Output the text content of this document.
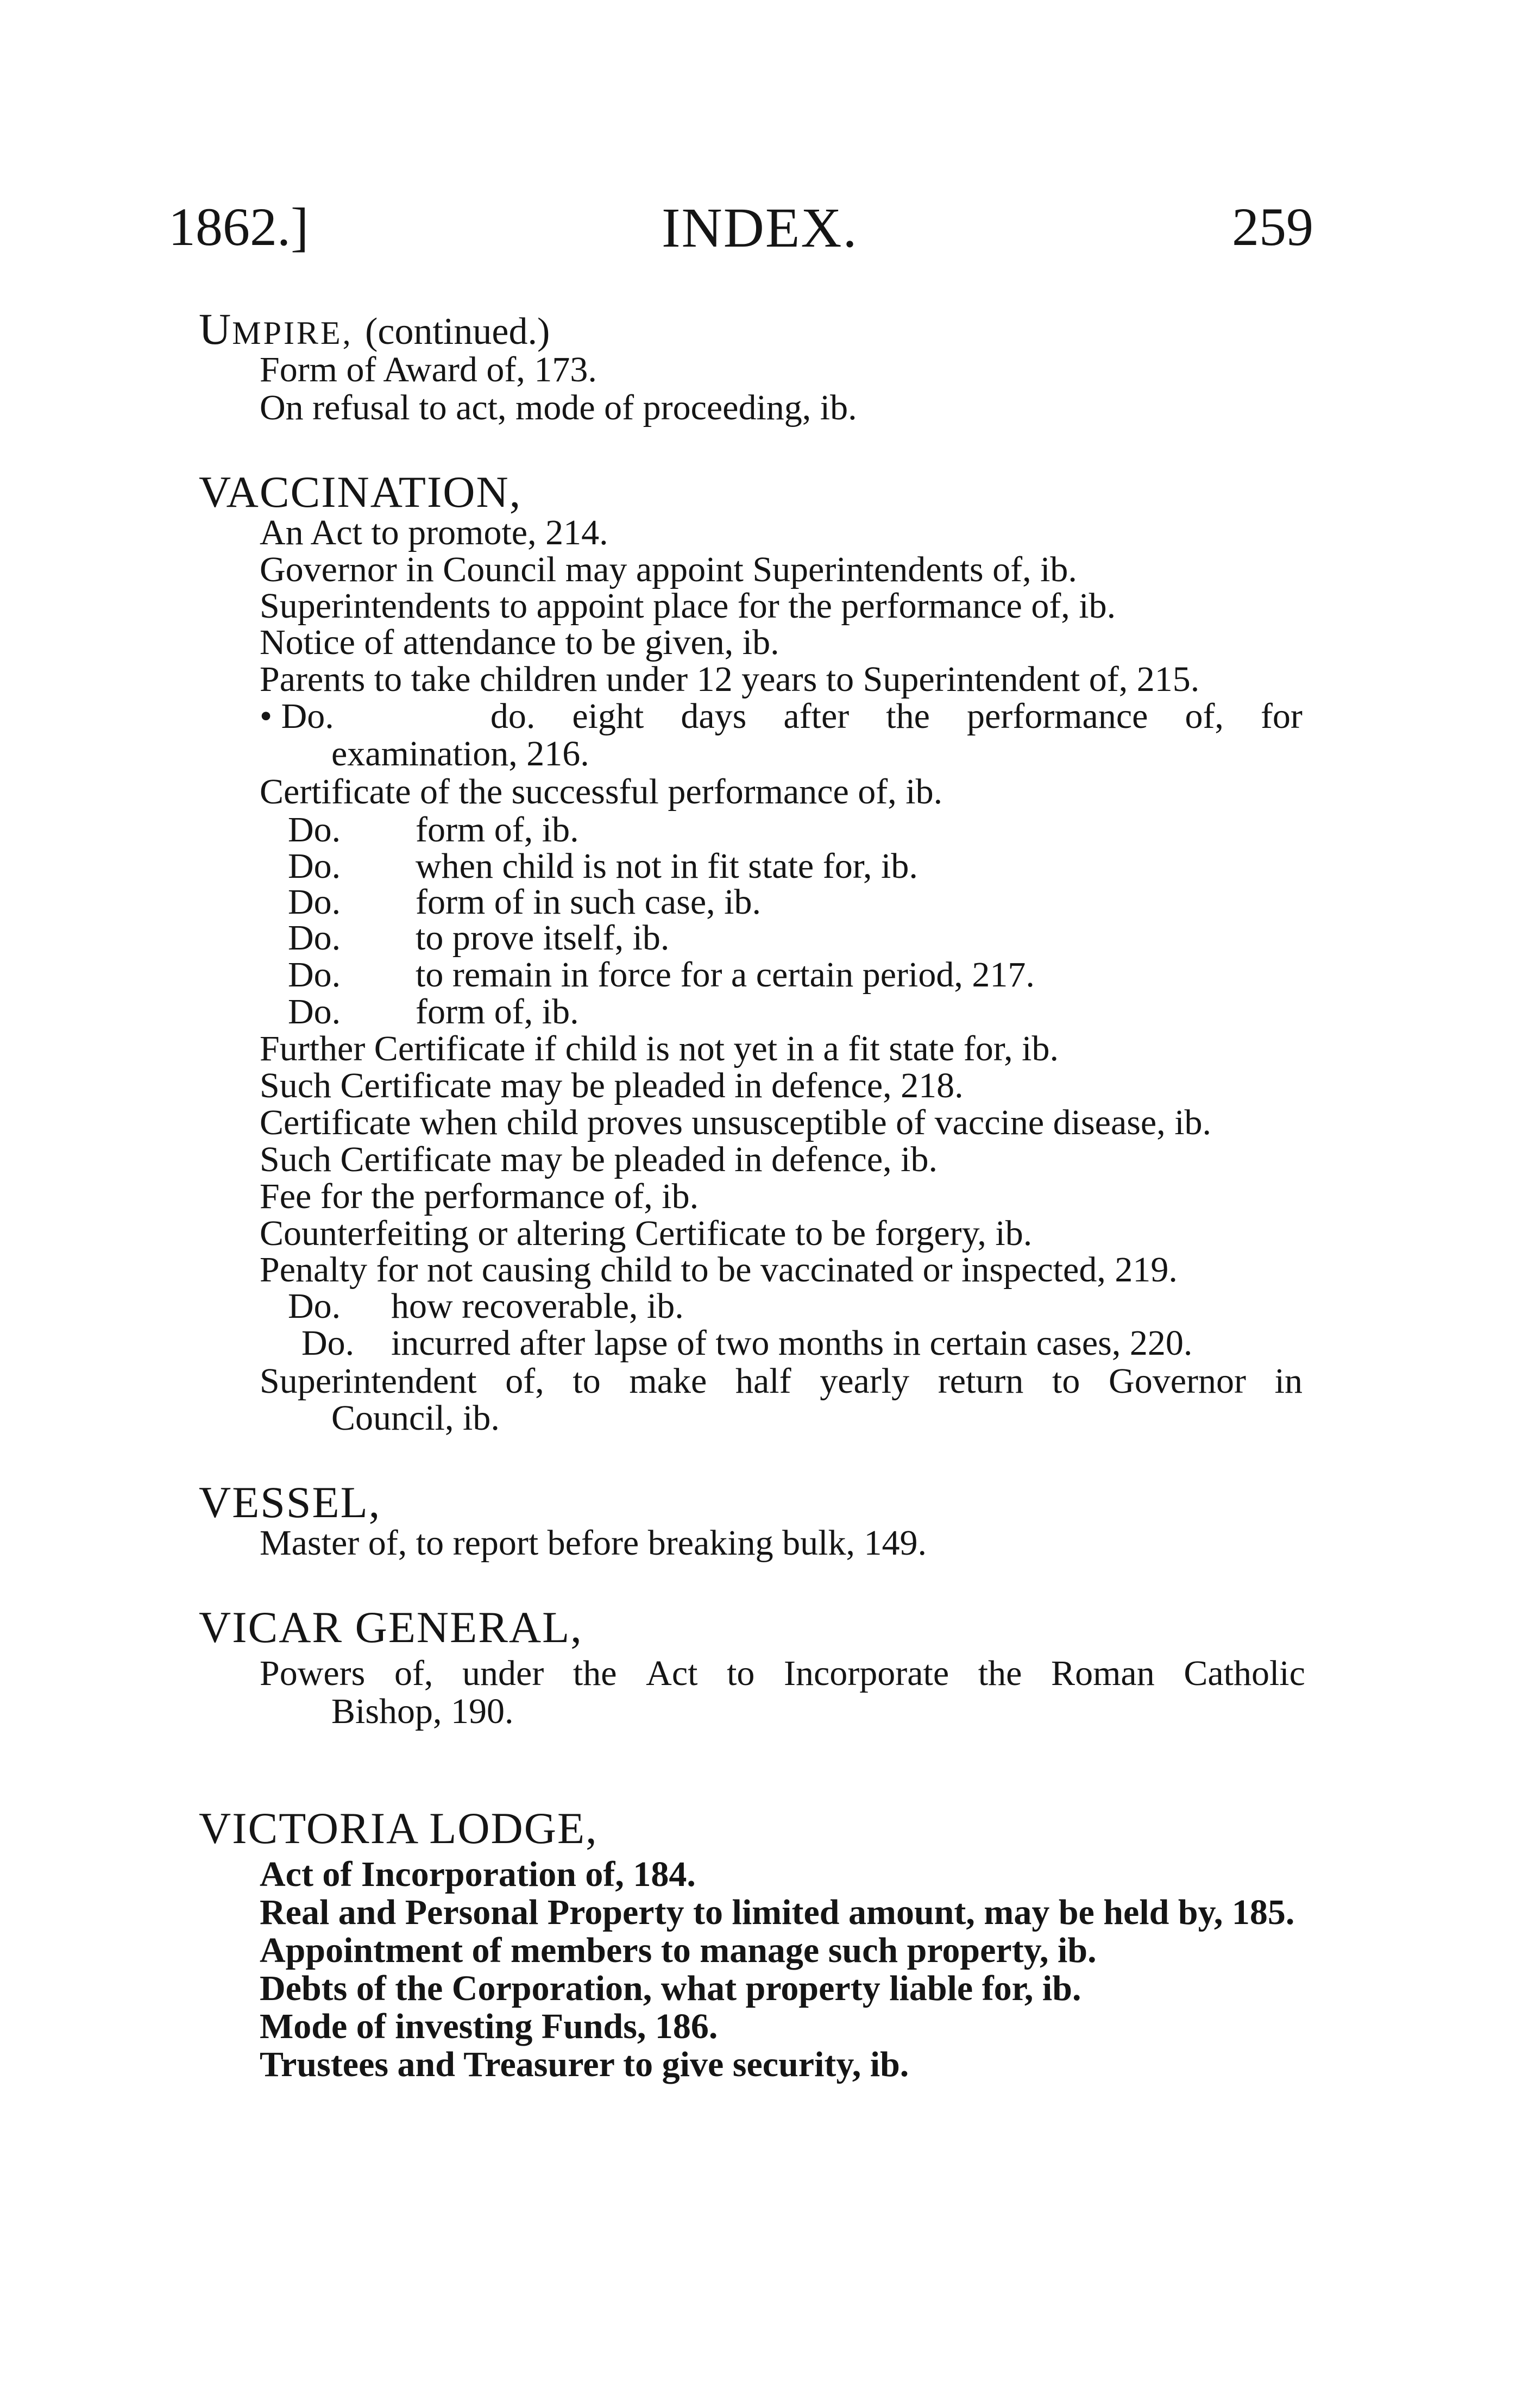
1862.]	INDEX.	259
UMPIRE, (continued.)
Form of Award of, 173.
On refusal to act, mode of proceeding, ib.
VACCINATION,
An Act to promote, 214.
Governor in Council may appoint Superintendents of, ib.
Superintendents to appoint place for the performance of, ib.
Notice of attendance to be given, ib.
Parents to take children under 12 years to Superintendent of, 215.
• Do.	do. eight days after the performance of, for
examination, 216.
Certificate of the successful performance of, ib.
Do. form of, ib.
Do. when child is not in fit state for, ib.
Do. form of in such case, ib.
Do. to prove itself, ib.
Do. to remain in force for a certain period, 217.
Do. form of, ib.
Further Certificate if child is not yet in a fit state for, ib.
Such Certificate may be pleaded in defence, 218.
Certificate when child proves unsusceptible of vaccine disease, ib.
Such Certificate may be pleaded in defence, ib.
Fee for the performance of, ib.
Counterfeiting or altering Certificate to be forgery, ib.
Penalty for not causing child to be vaccinated or inspected, 219.
Do. how recoverable, ib.
Do. incurred after lapse of two months in certain cases, 220.
Superintendent of, to make half yearly return to Governor in
Council, ib.
VESSEL,
Master of, to report before breaking bulk, 149.
VICAR GENERAL,
Powers of, under the Act to Incorporate the Roman Catholic
Bishop, 190.
VICTORIA LODGE,
Act of Incorporation of, 184.
Real and Personal Property to limited amount, may be held by, 185.
Appointment of members to manage such property, ib.
Debts of the Corporation, what property liable for, ib.
Mode of investing Funds, 186.
Trustees and Treasurer to give security, ib.
